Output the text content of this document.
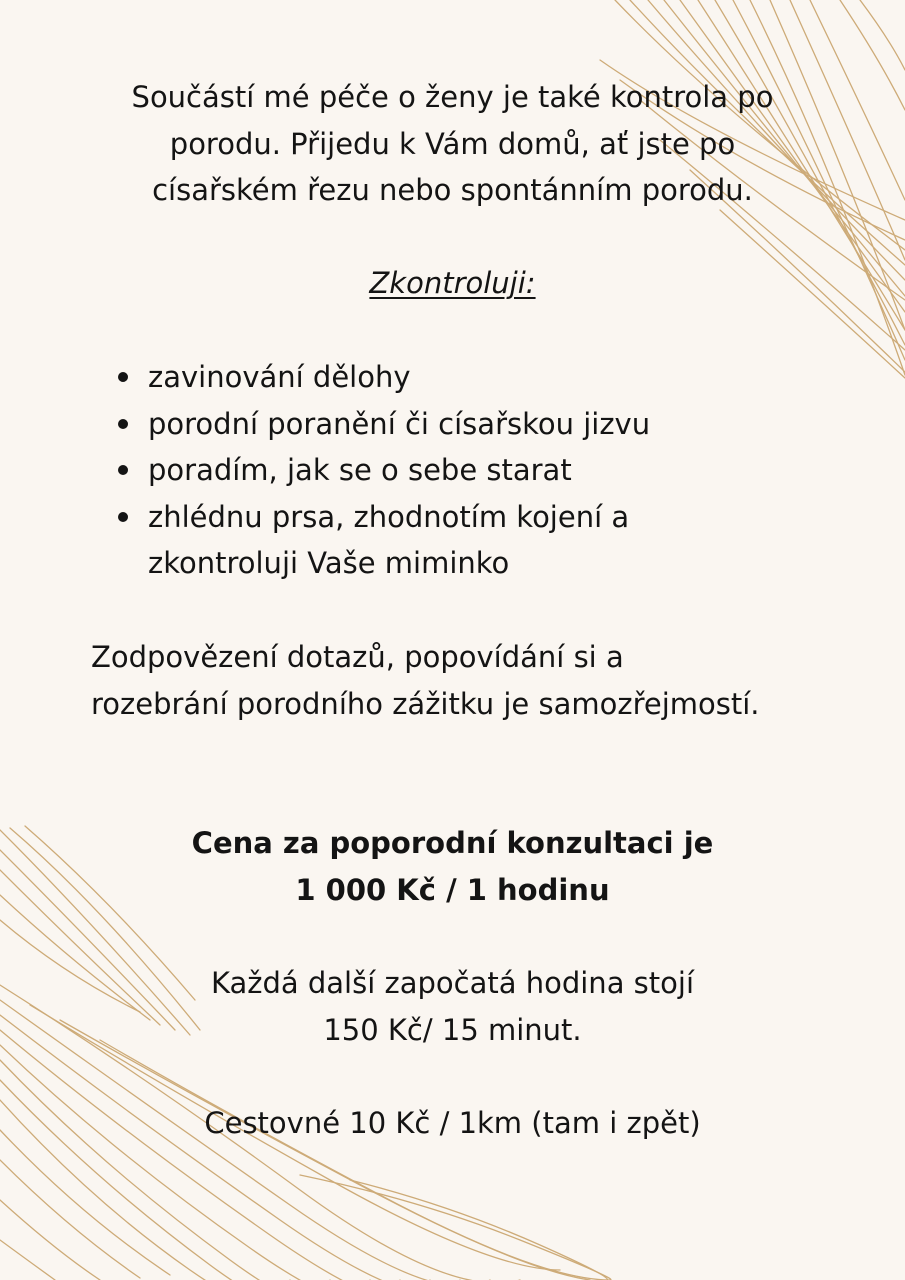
Součástí mé péče o ženy je také kontrola po
porodu. Přijedu k Vám domů, ať jste po
císařském řezu nebo spontánním porodu.

Zkontroluji:

zavinování dělohy
porodní poranění či císařskou jizvu
poradím, jak se o sebe starat
zhlédnu prsa, zhodnotím kojení a
zkontroluji Vaše miminko

Zodpovězení dotazů, popovídání si a
rozebrání porodního zážitku je samozřejmostí.

Cena za poporodní konzultaci je
1 000 Kč / 1 hodinu

Každá další započatá hodina stojí
150 Kč/ 15 minut.

Cestovné 10 Kč / 1km (tam i zpět)
